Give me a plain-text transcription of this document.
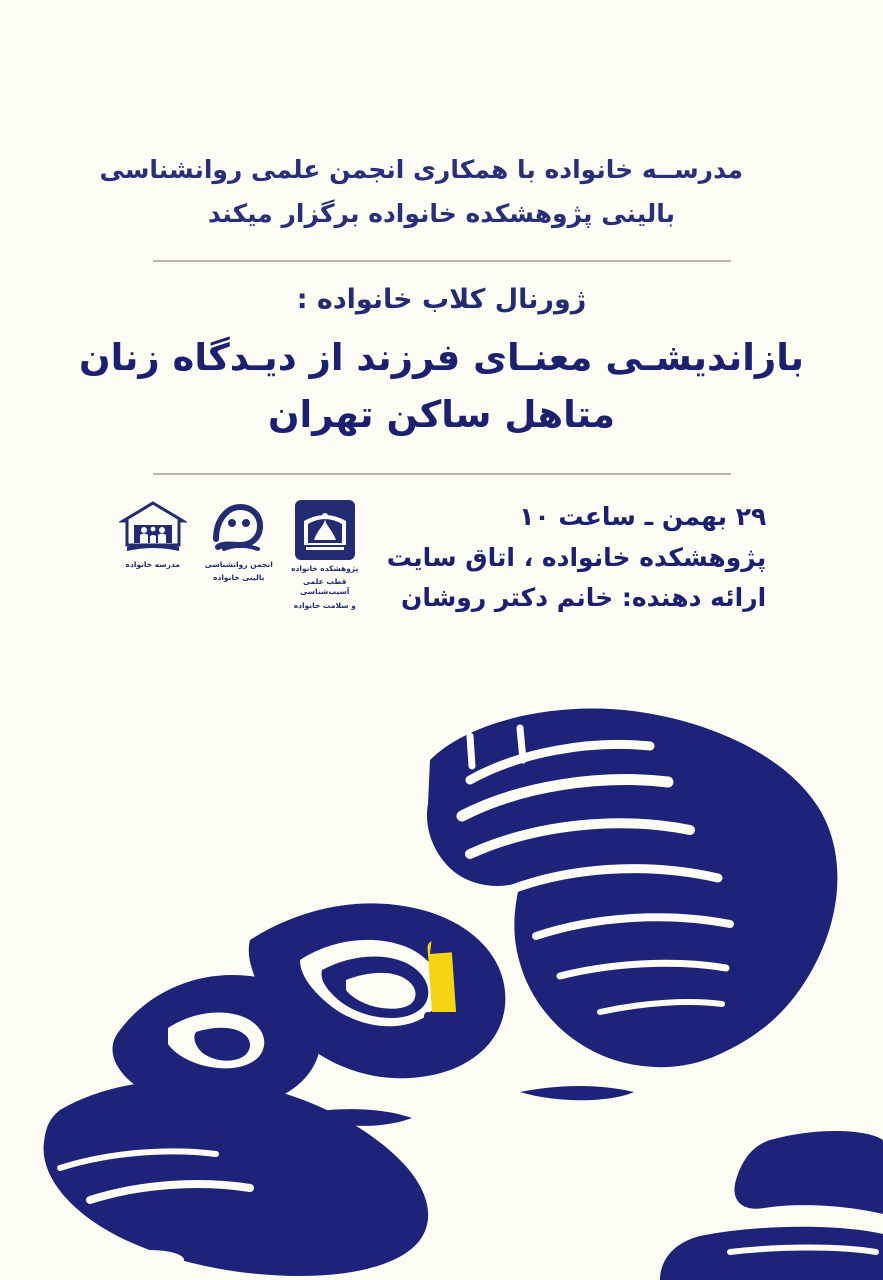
مدرســه خانواده با همکاری انجمن علمی روانشناسی
بالینی پژوهشکده خانواده برگزار میکند
ژورنال کلاب خانواده :
بازاندیشـی معنـای فرزند از دیـدگاه زنان
متاهل ساکن تهران
۲۹ بهمن ـ ساعت ۱۰
پژوهشکده خانواده ، اتاق سایت
ارائه دهنده: خانم دکتر روشان
پژوهشکده خانواده
قطب علمی آسیب‌شناسی
و سلامت خانواده
انجمن روانشناسی
بالینی خانواده
مدرسه خانواده
